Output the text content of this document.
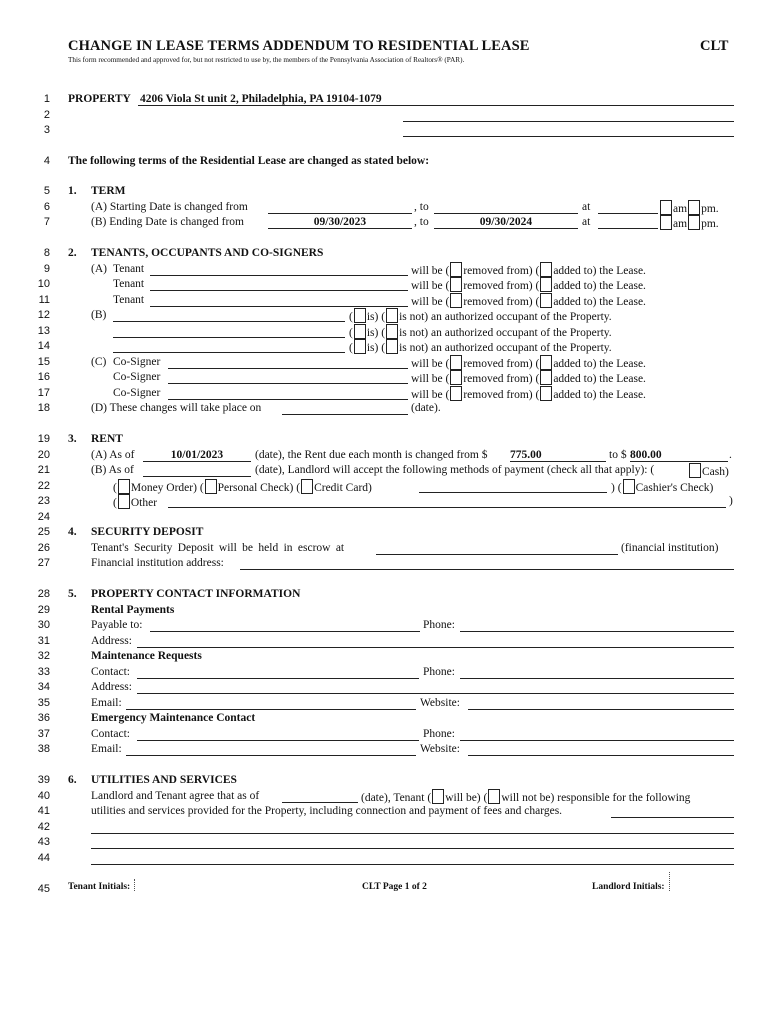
CHANGE IN LEASE TERMS ADDENDUM TO RESIDENTIAL LEASE	CLT
This form recommended and approved for, but not restricted to use by, the members of the Pennsylvania Association of Realtors® (PAR).
1
2
3
4
5
6
7
8
9
10
11
12
13
14
15
16
17
18
19
20
21
22
23
24
25
26
27
28
29
30
31
32
33
34
35
36
37
38
39
40
41
42
43
44
45
PROPERTY 4206 Viola St unit 2, Philadelphia, PA 19104-1079
The following terms of the Residential Lease are changed as stated below:
1. TERM
(A) Starting Date is changed from	, to	at	am pm.
(B) Ending Date is changed from	09/30/2023	, to	09/30/2024	at	am pm.
2. TENANTS, OCCUPANTS AND CO-SIGNERS
(A) Tenant	will be ( removed from) ( added to) the Lease.
Tenant	will be ( removed from) ( added to) the Lease.
Tenant	will be ( removed from) ( added to) the Lease.
(B)	( is) ( is not) an authorized occupant of the Property.
( is) ( is not) an authorized occupant of the Property.
( is) ( is not) an authorized occupant of the Property.
(C) Co-Signer	will be ( removed from) ( added to) the Lease.
Co-Signer	will be ( removed from) ( added to) the Lease.
Co-Signer	will be ( removed from) ( added to) the Lease.
(D) These changes will take place on	(date).
3. RENT
(A) As of	10/01/2023	(date), the Rent due each month is changed from $ 775.00	to $ 800.00	.
(B) As of	(date), Landlord will accept the following methods of payment (check all that apply): (	Cash)
( Money Order) ( Personal Check) ( Credit Card)	) ( Cashier's Check)
( Other	)
4. SECURITY DEPOSIT
Tenant's Security Deposit will be held in escrow at	(financial institution)
Financial institution address:
5. PROPERTY CONTACT INFORMATION
Rental Payments
Payable to:	Phone:
Address:
Maintenance Requests
Contact:	Phone:
Address:
Email:	Website:
Emergency Maintenance Contact
Contact:	Phone:
Email:	Website:
6. UTILITIES AND SERVICES
Landlord and Tenant agree that as of	(date), Tenant ( will be) ( will not be) responsible for the following
utilities and services provided for the Property, including connection and payment of fees and charges.
Tenant Initials:	CLT Page 1 of 2	Landlord Initials:
